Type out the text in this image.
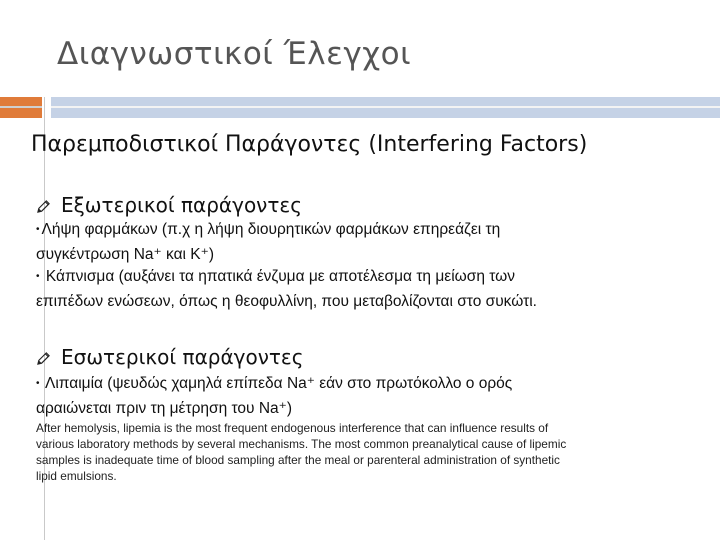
Διαγνωστικοί Έλεγχοι
Παρεμποδιστικοί Παράγοντες (Interfering Factors)
Εξωτερικοί παράγοντες
• Λήψη φαρμάκων (π.χ η λήψη διουρητικών φαρμάκων επηρεάζει τη
συγκέντρωση Na⁺ και K⁺)
• Κάπνισμα (αυξάνει τα ηπατικά ένζυμα με αποτέλεσμα τη μείωση των
επιπέδων ενώσεων, όπως η θεοφυλλίνη, που μεταβολίζονται στο συκώτι.
Εσωτερικοί παράγοντες
• Λιπαιμία (ψευδώς χαμηλά επίπεδα Na⁺ εάν στο πρωτόκολλο ο ορός
αραιώνεται πριν τη μέτρηση του Na⁺)
After hemolysis, lipemia is the most frequent endogenous interference that can influence results of
various laboratory methods by several mechanisms. The most common preanalytical cause of lipemic
samples is inadequate time of blood sampling after the meal or parenteral administration of synthetic
lipid emulsions.
